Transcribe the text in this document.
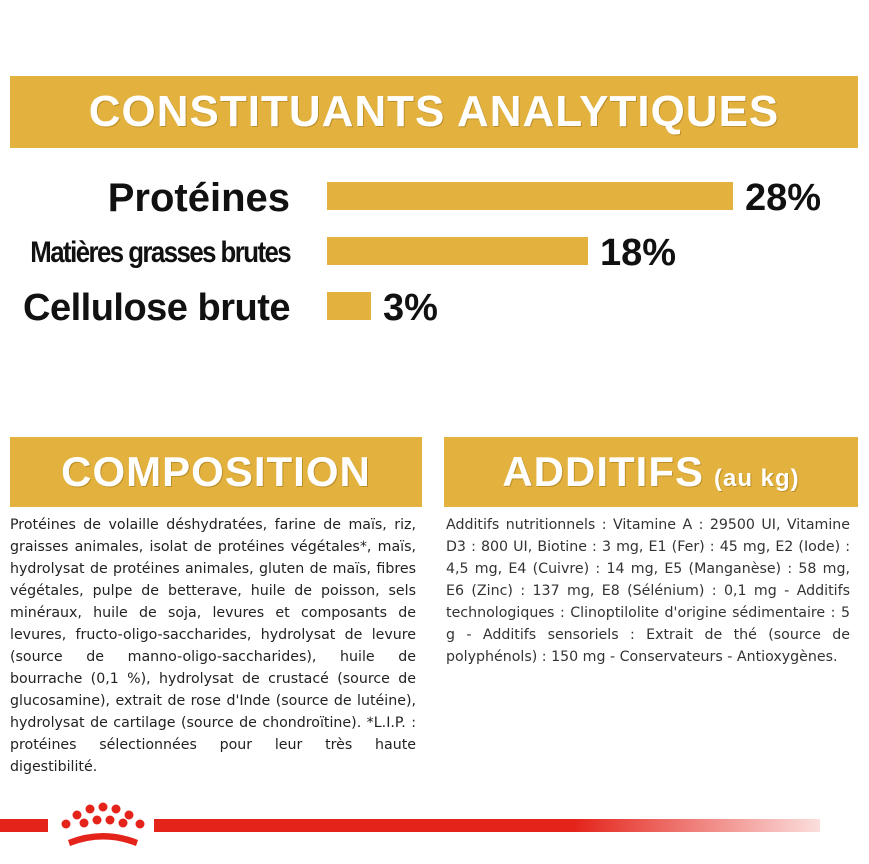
CONSTITUANTS ANALYTIQUES
Protéines	28%
Matières grasses brutes	18%
Cellulose brute 3%
COMPOSITION	ADDITIFS (au kg)

Protéines de volaille déshydratées, farine de maïs, riz, graisses animales, isolat de protéines végétales*, maïs, hydrolysat de protéines animales, gluten de maïs, fibres végétales, pulpe de betterave, huile de poisson, sels minéraux, huile de soja, levures et composants de levures, fructo-oligo-saccharides, hydrolysat de levure (source de manno-oligo-saccharides), huile de bourrache (0,1 %), hydrolysat de crustacé (source de glucosamine), extrait de rose d'Inde (source de lutéine), hydrolysat de cartilage (source de chondroïtine). *L.I.P. : protéines sélectionnées pour leur très haute digestibilité.

Additifs nutritionnels : Vitamine A : 29500 UI, Vitamine D3 : 800 UI, Biotine : 3 mg, E1 (Fer) : 45 mg, E2 (Iode) : 4,5 mg, E4 (Cuivre) : 14 mg, E5 (Manganèse) : 58 mg, E6 (Zinc) : 137 mg, E8 (Sélénium) : 0,1 mg - Additifs technologiques : Clinoptilolite d'origine sédimentaire : 5 g - Additifs sensoriels : Extrait de thé (source de polyphénols) : 150 mg - Conservateurs - Antioxygènes.
